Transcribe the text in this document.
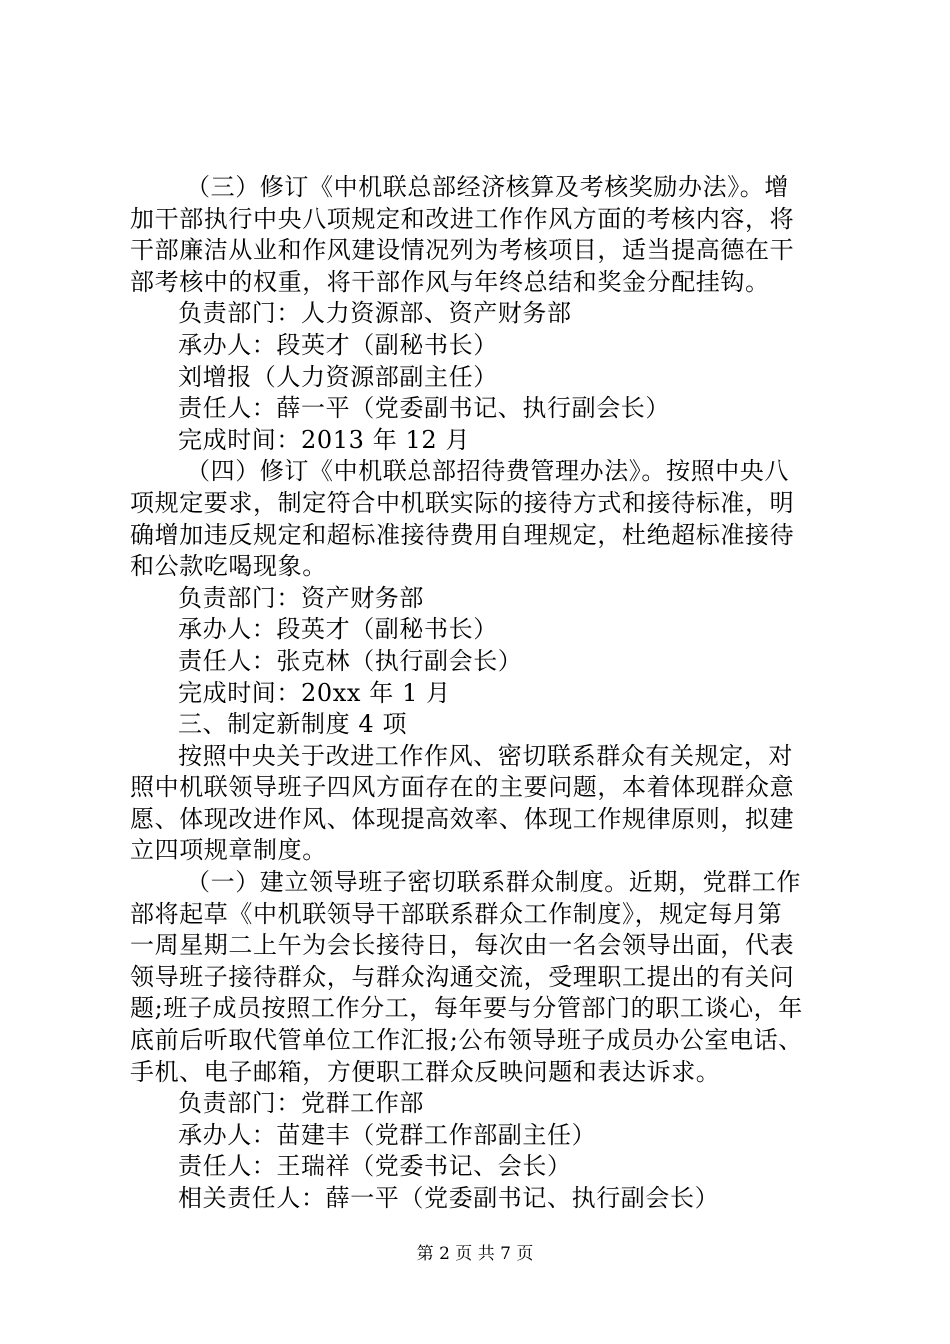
（三）修订《中机联总部经济核算及考核奖励办法》。增
加干部执行中央八项规定和改进工作作风方面的考核内容，将
干部廉洁从业和作风建设情况列为考核项目，适当提高德在干
部考核中的权重，将干部作风与年终总结和奖金分配挂钩。
负责部门：人力资源部、资产财务部
承办人：段英才（副秘书长）
刘增报（人力资源部副主任）
责任人：薛一平（党委副书记、执行副会长）
完成时间：2013 年 12 月
（四）修订《中机联总部招待费管理办法》。按照中央八
项规定要求，制定符合中机联实际的接待方式和接待标准，明
确增加违反规定和超标准接待费用自理规定，杜绝超标准接待
和公款吃喝现象。
负责部门：资产财务部
承办人：段英才（副秘书长）
责任人：张克林（执行副会长）
完成时间：20xx 年 1 月
三、制定新制度 4 项
按照中央关于改进工作作风、密切联系群众有关规定，对
照中机联领导班子四风方面存在的主要问题，本着体现群众意
愿、体现改进作风、体现提高效率、体现工作规律原则，拟建
立四项规章制度。
（一）建立领导班子密切联系群众制度。近期，党群工作
部将起草《中机联领导干部联系群众工作制度》，规定每月第
一周星期二上午为会长接待日，每次由一名会领导出面，代表
领导班子接待群众，与群众沟通交流，受理职工提出的有关问
题;班子成员按照工作分工，每年要与分管部门的职工谈心，年
底前后听取代管单位工作汇报;公布领导班子成员办公室电话、
手机、电子邮箱，方便职工群众反映问题和表达诉求。
负责部门：党群工作部
承办人：苗建丰（党群工作部副主任）
责任人：王瑞祥（党委书记、会长）
相关责任人：薛一平（党委副书记、执行副会长）
第 2 页 共 7 页
